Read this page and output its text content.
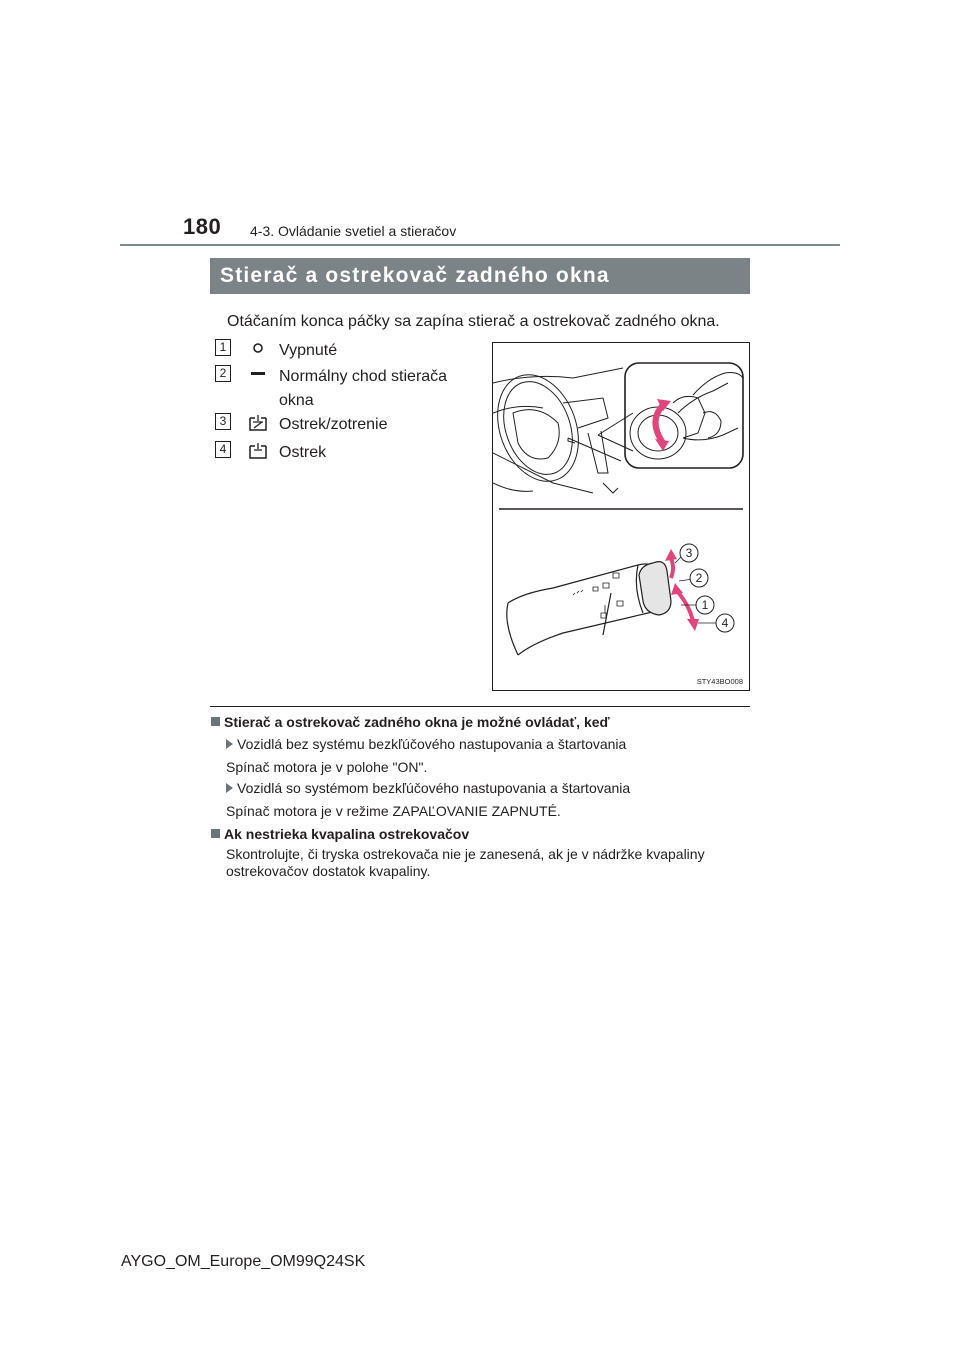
180 4-3. Ovládanie svetiel a stieračov
Stierač a ostrekovač zadného okna
Otáčaním konca páčky sa zapína stierač a ostrekovač zadného okna.
1	Vypnuté
2	Normálny chod stierača okna
3	Ostrek/zotrenie
4	Ostrek
3
2
1
4
STY43BO008
Stierač a ostrekovač zadného okna je možné ovládať, keď
Vozidlá bez systému bezkľúčového nastupovania a štartovania
Spínač motora je v polohe "ON".
Vozidlá so systémom bezkľúčového nastupovania a štartovania
Spínač motora je v režime ZAPAĽOVANIE ZAPNUTÉ.
Ak nestrieka kvapalina ostrekovačov
Skontrolujte, či tryska ostrekovača nie je zanesená, ak je v nádržke kvapaliny
ostrekovačov dostatok kvapaliny.
AYGO_OM_Europe_OM99Q24SK
